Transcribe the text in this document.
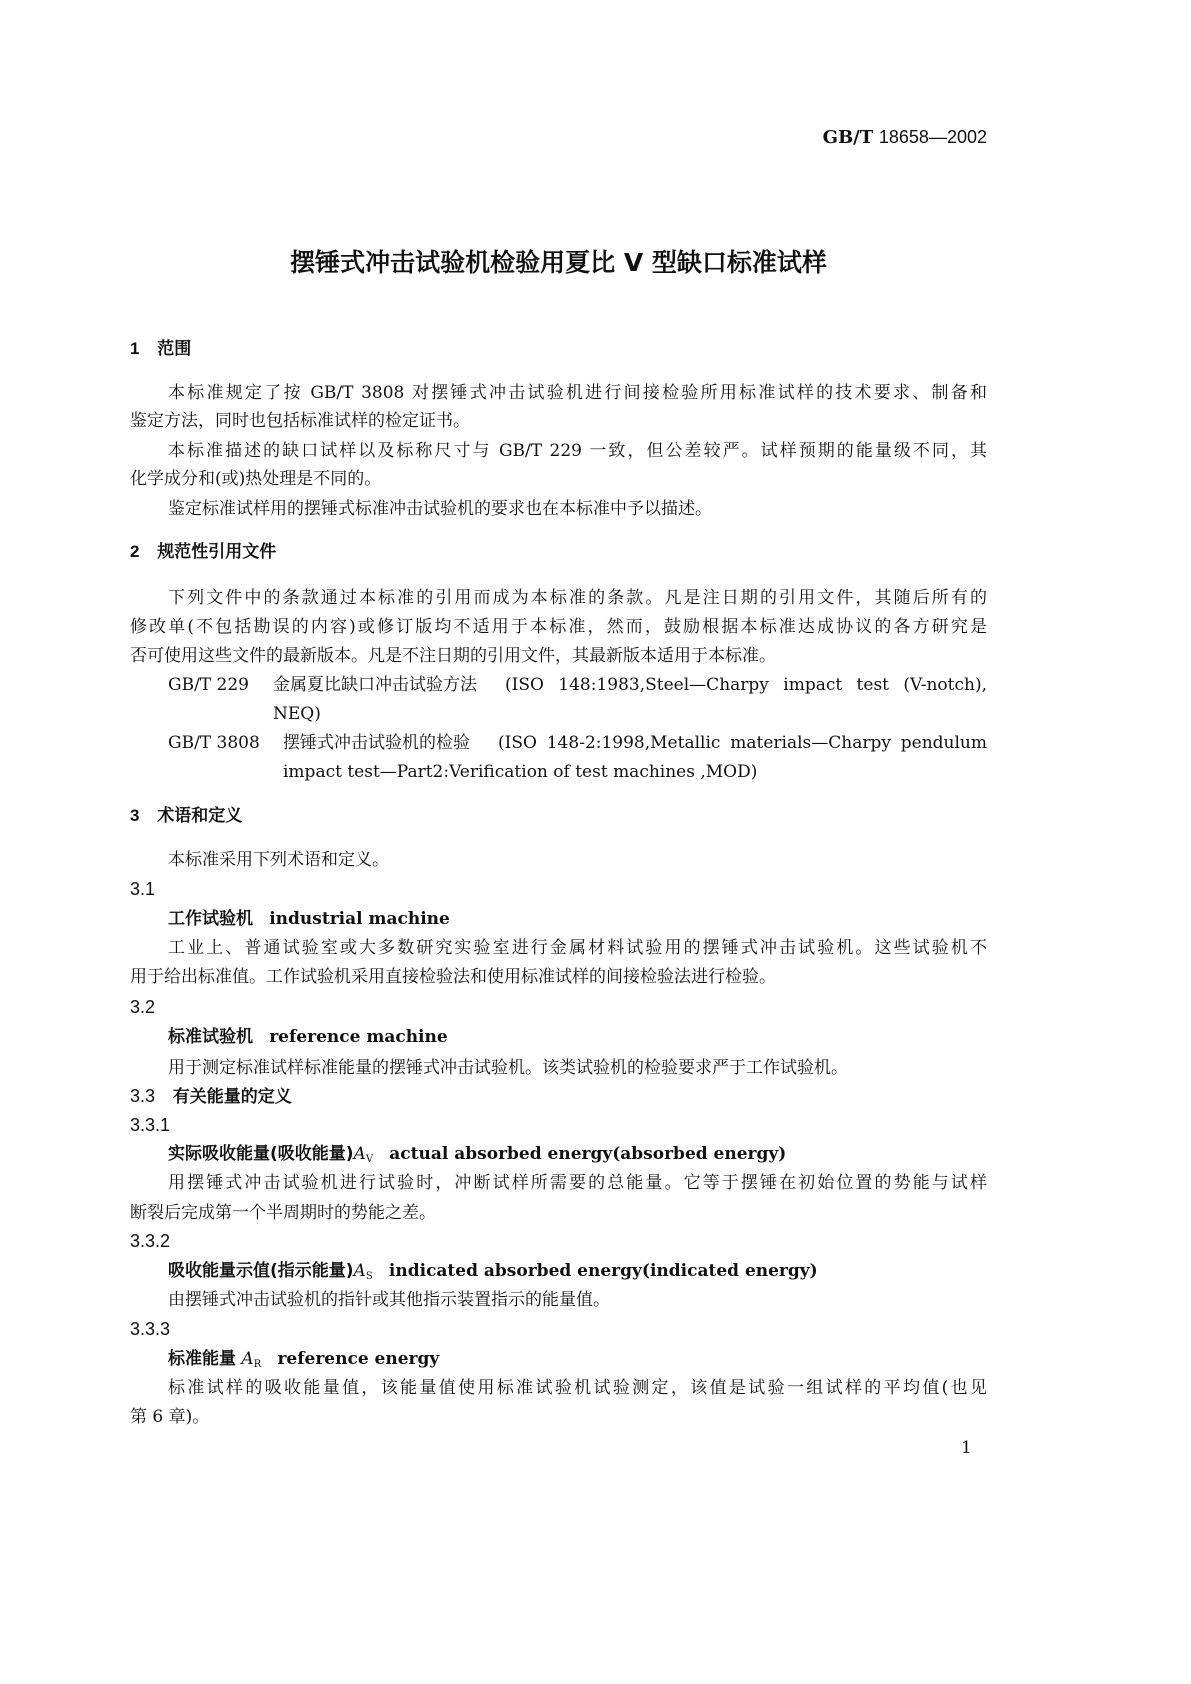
GB/T 18658—2002
摆锤式冲击试验机检验用夏比 V 型缺口标准试样
1 范围
本标准规定了按 GB/T 3808 对摆锤式冲击试验机进行间接检验所用标准试样的技术要求、制备和
鉴定方法，同时也包括标准试样的检定证书。
本标准描述的缺口试样以及标称尺寸与 GB/T 229 一致，但公差较严。试样预期的能量级不同，其
化学成分和(或)热处理是不同的。
鉴定标准试样用的摆锤式标准冲击试验机的要求也在本标准中予以描述。
2 规范性引用文件
下列文件中的条款通过本标准的引用而成为本标准的条款。凡是注日期的引用文件，其随后所有的
修改单(不包括勘误的内容)或修订版均不适用于本标准，然而，鼓励根据本标准达成协议的各方研究是
否可使用这些文件的最新版本。凡是不注日期的引用文件，其最新版本适用于本标准。
GB/T 229	金属夏比缺口冲击试验方法	(ISO 148:1983,Steel—Charpy impact test (V-notch),
NEQ)
GB/T 3808	摆锤式冲击试验机的检验	(ISO 148-2:1998,Metallic materials—Charpy pendulum
impact test—Part2:Verification of test machines ,MOD)
3 术语和定义
本标准采用下列术语和定义。
3.1
工作试验机 industrial machine
工业上、普通试验室或大多数研究实验室进行金属材料试验用的摆锤式冲击试验机。这些试验机不
用于给出标准值。工作试验机采用直接检验法和使用标准试样的间接检验法进行检验。
3.2
标准试验机 reference machine
用于测定标准试样标准能量的摆锤式冲击试验机。该类试验机的检验要求严于工作试验机。
3.3 有关能量的定义
3.3.1
实际吸收能量(吸收能量)$A_V$ actual absorbed energy(absorbed energy)
用摆锤式冲击试验机进行试验时，冲断试样所需要的总能量。它等于摆锤在初始位置的势能与试样
断裂后完成第一个半周期时的势能之差。
3.3.2
吸收能量示值(指示能量)$A_S$ indicated absorbed energy(indicated energy)
由摆锤式冲击试验机的指针或其他指示装置指示的能量值。
3.3.3
标准能量 $A_R$ reference energy
标准试样的吸收能量值，该能量值使用标准试验机试验测定，该值是试验一组试样的平均值(也见
第 6 章)。
1
